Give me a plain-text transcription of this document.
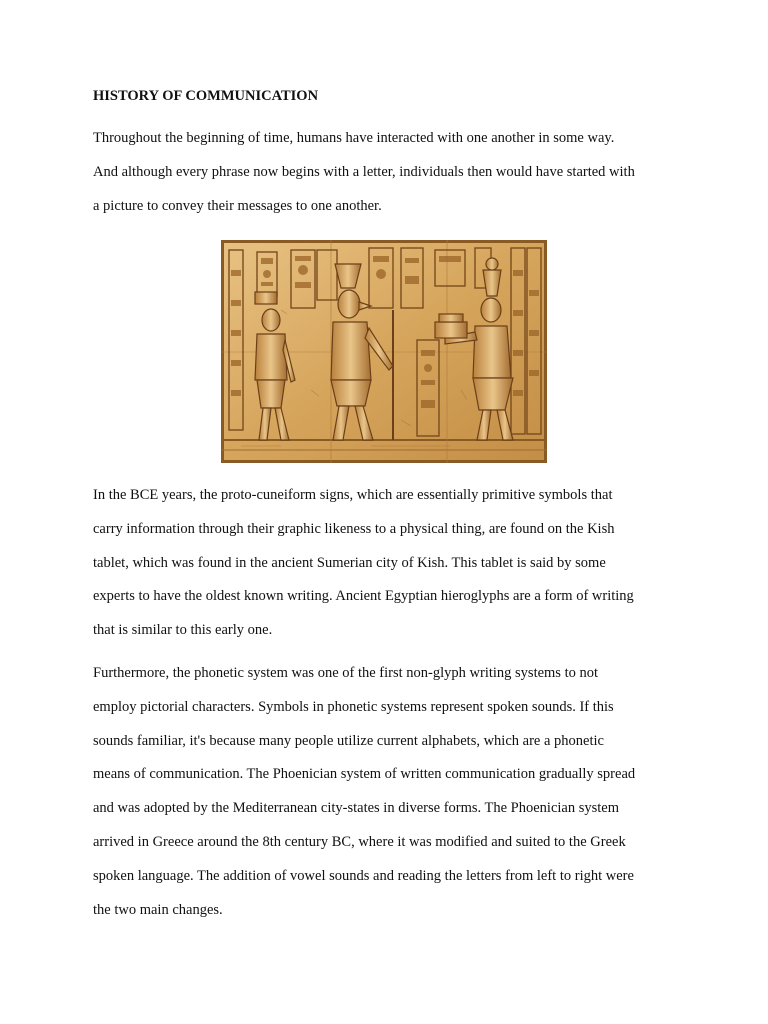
HISTORY OF COMMUNICATION

Throughout the beginning of time, humans have interacted with one another in some way.
And although every phrase now begins with a letter, individuals then would have started with
a picture to convey their messages to one another.

In the BCE years, the proto-cuneiform signs, which are essentially primitive symbols that
carry information through their graphic likeness to a physical thing, are found on the Kish
tablet, which was found in the ancient Sumerian city of Kish. This tablet is said by some
experts to have the oldest known writing. Ancient Egyptian hieroglyphs are a form of writing
that is similar to this early one.

Furthermore, the phonetic system was one of the first non-glyph writing systems to not
employ pictorial characters. Symbols in phonetic systems represent spoken sounds. If this
sounds familiar, it's because many people utilize current alphabets, which are a phonetic
means of communication. The Phoenician system of written communication gradually spread
and was adopted by the Mediterranean city-states in diverse forms. The Phoenician system
arrived in Greece around the 8th century BC, where it was modified and suited to the Greek
spoken language. The addition of vowel sounds and reading the letters from left to right were
the two main changes.
